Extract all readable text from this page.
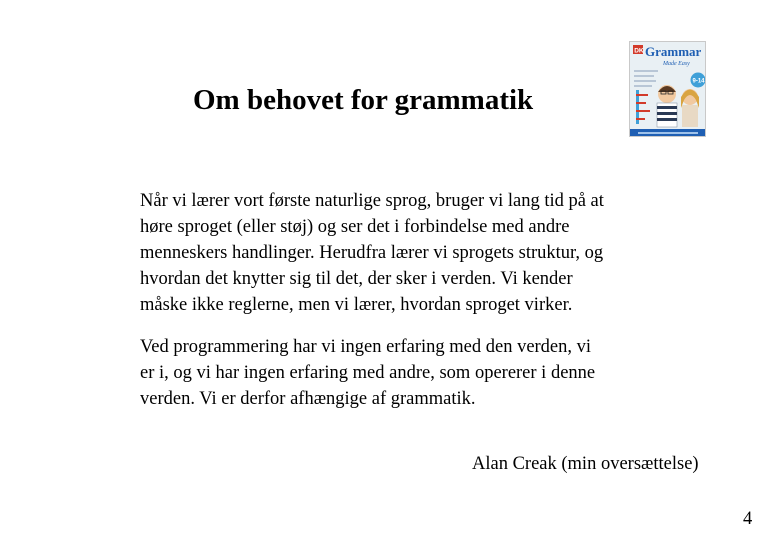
Om behovet for grammatik
DK Grammar
Made Easy
9-14
Når vi lærer vort første naturlige sprog, bruger vi lang tid på at
høre sproget (eller støj) og ser det i forbindelse med andre
menneskers handlinger. Herudfra lærer vi sprogets struktur, og
hvordan det knytter sig til det, der sker i verden. Vi kender
måske ikke reglerne, men vi lærer, hvordan sproget virker.
Ved programmering har vi ingen erfaring med den verden, vi
er i, og vi har ingen erfaring med andre, som opererer i denne
verden. Vi er derfor afhængige af grammatik.
Alan Creak (min oversættelse)
4
